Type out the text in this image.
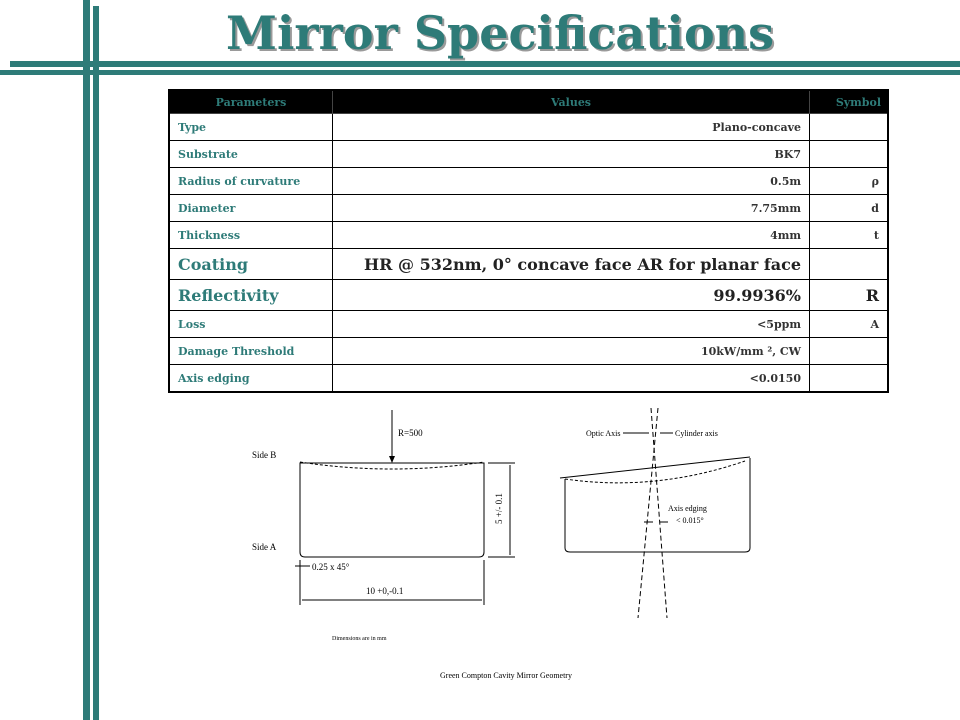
Mirror Specifications
Parameters	Values	Symbol
Type	Plano-concave	
Substrate	BK7	
Radius of curvature	0.5m	ρ
Diameter	7.75mm	d
Thickness	4mm	t
Coating	HR @ 532nm, 0° concave face AR for planar face	
Reflectivity	99.9936%	R
Loss	<5ppm	A
Damage Threshold	10kW/mm ², CW	
Axis edging	<0.0150	
R=500
Side B
Side A
5 +/- 0.1
0.25 x 45°
10 +0,-0.1
Dimensions are in mm
Optic Axis	Cylinder axis
Axis edging
< 0.015°
Green Compton Cavity Mirror Geometry
